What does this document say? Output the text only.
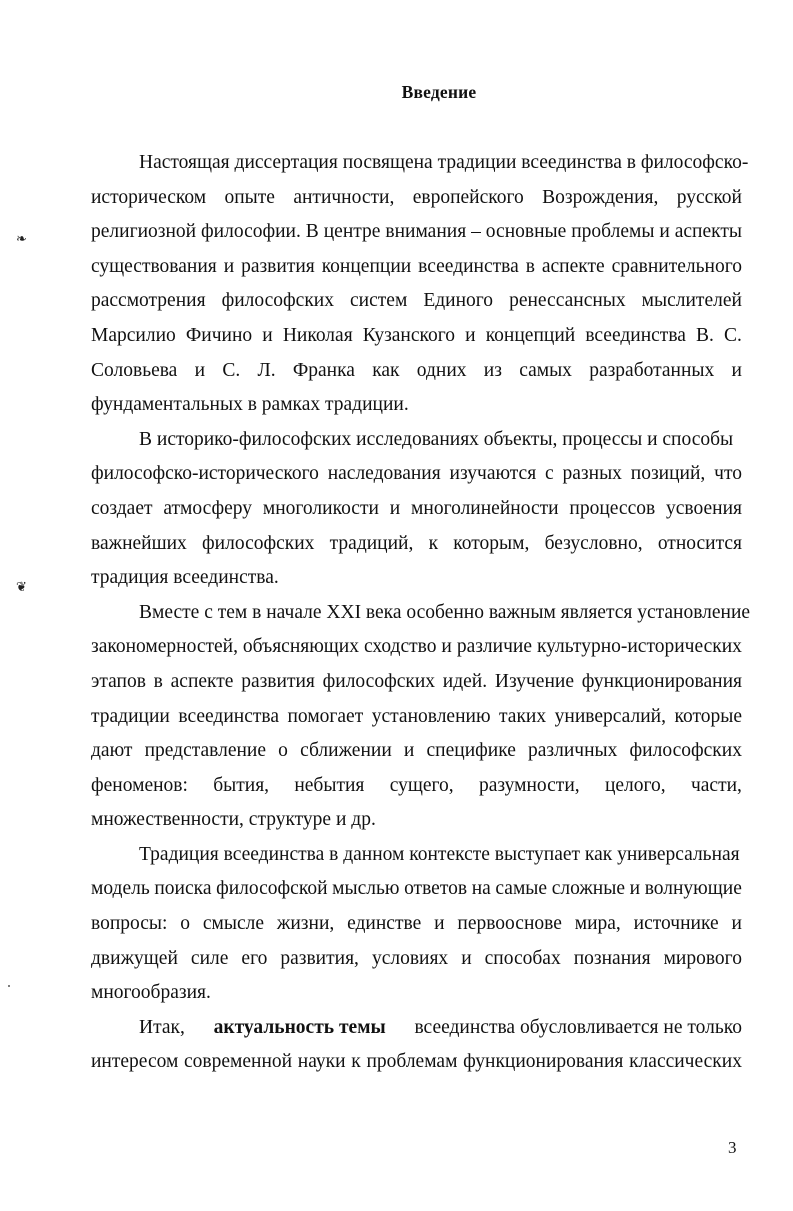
Введение
❧
❦
Настоящая диссертация посвящена традиции всеединства в философско-
историческом опыте античности, европейского Возрождения, русской
религиозной философии. В центре внимания – основные проблемы и аспекты
существования и развития концепции всеединства в аспекте сравнительного
рассмотрения философских систем Единого ренессансных мыслителей
Марсилио Фичино и Николая Кузанского и концепций всеединства В. С.
Соловьева и С. Л. Франка как одних из самых разработанных и
фундаментальных в рамках традиции.
В историко-философских исследованиях объекты, процессы и способы
философско-исторического наследования изучаются с разных позиций, что
создает атмосферу многоликости и многолинейности процессов усвоения
важнейших философских традиций, к которым, безусловно, относится
традиция всеединства.
Вместе с тем в начале XXI века особенно важным является установление
закономерностей, объясняющих сходство и различие культурно-исторических
этапов в аспекте развития философских идей. Изучение функционирования
традиции всеединства помогает установлению таких универсалий, которые
дают представление о сближении и специфике различных философских
феноменов: бытия, небытия сущего, разумности, целого, части,
множественности, структуре и др.
Традиция всеединства в данном контексте выступает как универсальная
модель поиска философской мыслью ответов на самые сложные и волнующие
вопросы: о смысле жизни, единстве и первооснове мира, источнике и
движущей силе его развития, условиях и способах познания мирового
многообразия.
Итак, актуальность темы всеединства обусловливается не только
интересом современной науки к проблемам функционирования классических
3
